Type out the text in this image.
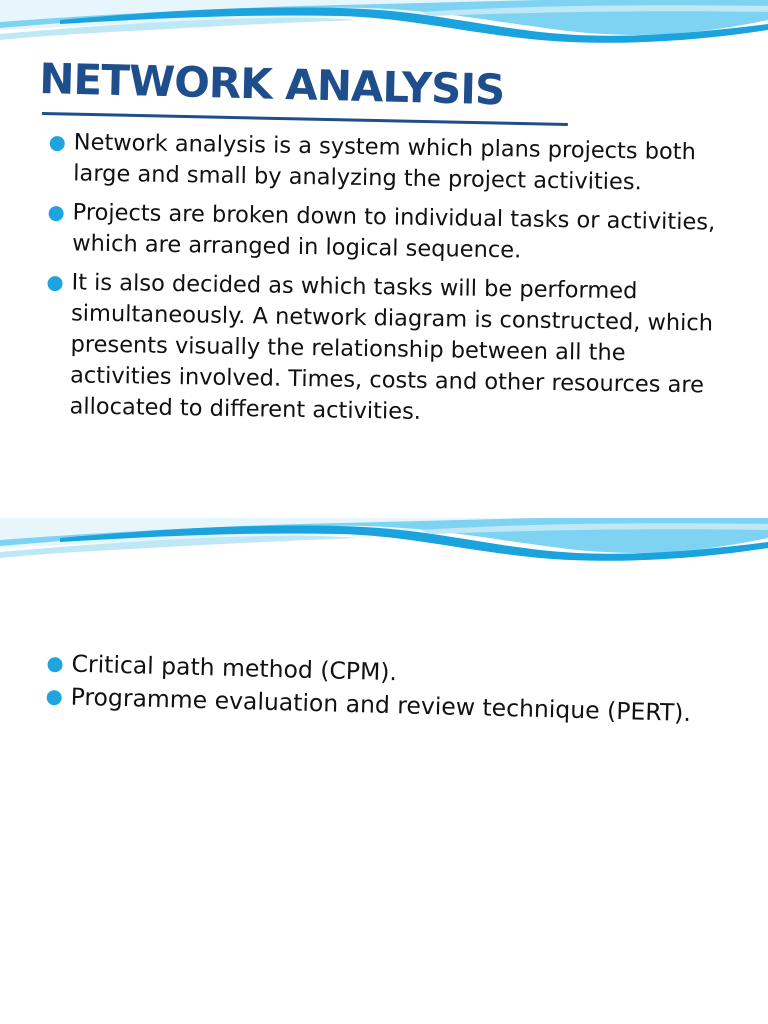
NETWORK ANALYSIS
Network analysis is a system which plans projects both large and small by analyzing the project activities.
Projects are broken down to individual tasks or activities, which are arranged in logical sequence.
It is also decided as which tasks will be performed simultaneously. A network diagram is constructed, which presents visually the relationship between all the activities involved. Times, costs and other resources are allocated to different activities.
Critical path method (CPM).
Programme evaluation and review technique (PERT).
